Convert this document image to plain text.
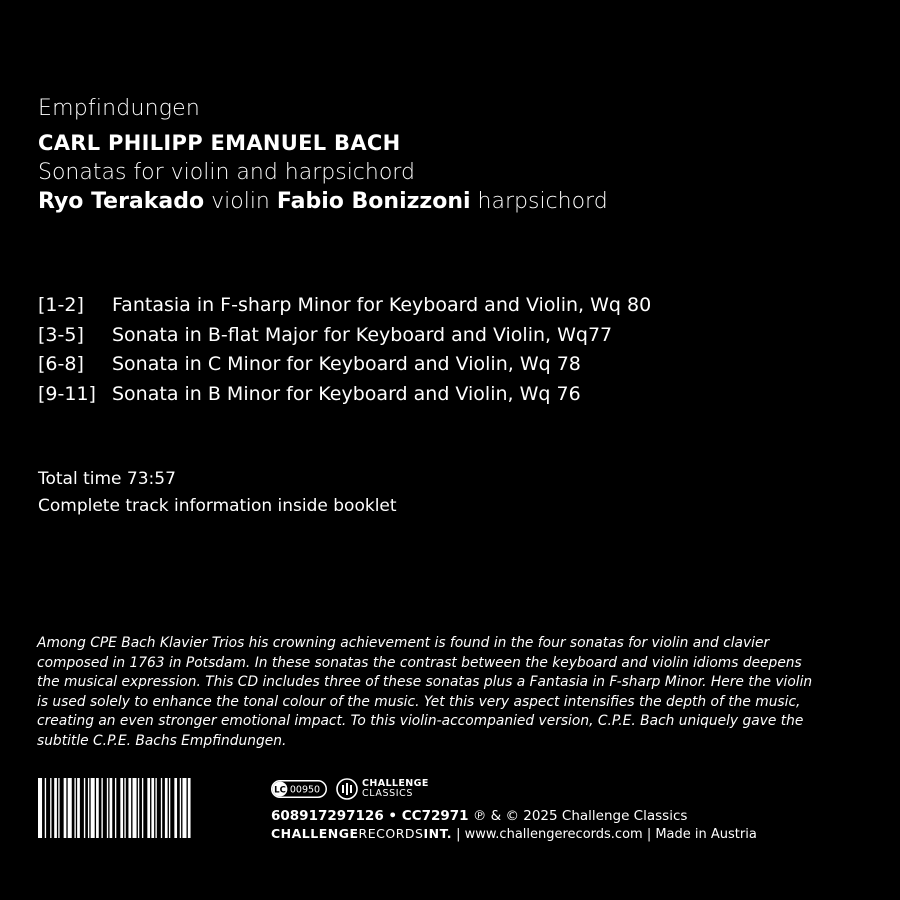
Empfindungen
CARL PHILIPP EMANUEL BACH
Sonatas for violin and harpsichord
Ryo Terakado violin Fabio Bonizzoni harpsichord
[1-2] Fantasia in F-sharp Minor for Keyboard and Violin, Wq 80
[3-5] Sonata in B-flat Major for Keyboard and Violin, Wq77
[6-8] Sonata in C Minor for Keyboard and Violin, Wq 78
[9-11] Sonata in B Minor for Keyboard and Violin, Wq 76
Total time 73:57
Complete track information inside booklet
Among CPE Bach Klavier Trios his crowning achievement is found in the four sonatas for violin and clavier composed in 1763 in Potsdam. In these sonatas the contrast between the keyboard and violin idioms deepens the musical expression. This CD includes three of these sonatas plus a Fantasia in F-sharp Minor. Here the violin is used solely to enhance the tonal colour of the music. Yet this very aspect intensifies the depth of the music, creating an even stronger emotional impact. To this violin-accompanied version, C.P.E. Bach uniquely gave the subtitle C.P.E. Bachs Empfindungen.
LC 00950
CHALLENGE
CLASSICS
608917297126 • CC72971 ℗ & © 2025 Challenge Classics
CHALLENGERECORDSINT. | www.challengerecords.com | Made in Austria
